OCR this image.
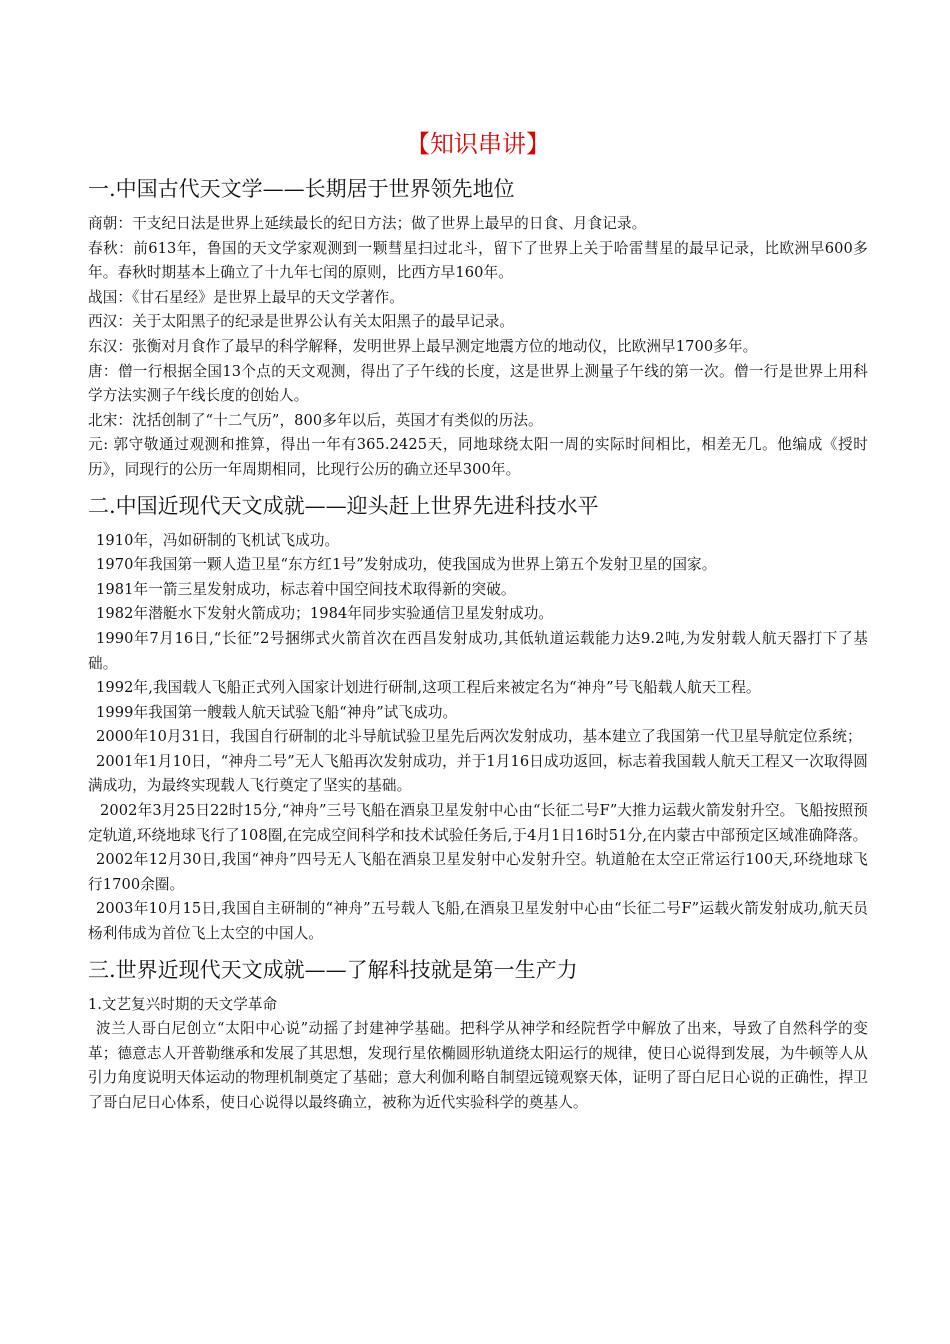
【知识串讲】
一.中国古代天文学——长期居于世界领先地位

商朝：干支纪日法是世界上延续最长的纪日方法；做了世界上最早的日食、月食记录。

春秋：前613年，鲁国的天文学家观测到一颗彗星扫过北斗，留下了世界上关于哈雷彗星的最早记录，比欧洲早600多年。春秋时期基本上确立了十九年七闰的原则，比西方早160年。

战国：《甘石星经》是世界上最早的天文学著作。

西汉：关于太阳黑子的纪录是世界公认有关太阳黑子的最早记录。

东汉：张衡对月食作了最早的科学解释，发明世界上最早测定地震方位的地动仪，比欧洲早1700多年。

唐：僧一行根据全国13个点的天文观测，得出了子午线的长度，这是世界上测量子午线的第一次。僧一行是世界上用科学方法实测子午线长度的创始人。

北宋：沈括创制了“十二气历”，800多年以后，英国才有类似的历法。

元: 郭守敬通过观测和推算，得出一年有365.2425天，同地球绕太阳一周的实际时间相比，相差无几。他编成《授时历》，同现行的公历一年周期相同，比现行公历的确立还早300年。

二.中国近现代天文成就——迎头赶上世界先进科技水平

1910年，冯如研制的飞机试飞成功。

1970年我国第一颗人造卫星“东方红1号”发射成功，使我国成为世界上第五个发射卫星的国家。

1981年一箭三星发射成功，标志着中国空间技术取得新的突破。

1982年潜艇水下发射火箭成功；1984年同步实验通信卫星发射成功。

1990年7月16日,“长征”2号捆绑式火箭首次在西昌发射成功,其低轨道运载能力达9.2吨,为发射载人航天器打下了基础。

1992年,我国载人飞船正式列入国家计划进行研制,这项工程后来被定名为“神舟”号飞船载人航天工程。

1999年我国第一艘载人航天试验飞船“神舟”试飞成功。

2000年10月31日，我国自行研制的北斗导航试验卫星先后两次发射成功，基本建立了我国第一代卫星导航定位系统；

2001年1月10日，“神舟二号”无人飞船再次发射成功，并于1月16日成功返回，标志着我国载人航天工程又一次取得圆满成功，为最终实现载人飞行奠定了坚实的基础。

2002年3月25日22时15分,“神舟”三号飞船在酒泉卫星发射中心由“长征二号F”大推力运载火箭发射升空。飞船按照预定轨道,环绕地球飞行了108圈,在完成空间科学和技术试验任务后,于4月1日16时51分,在内蒙古中部预定区域准确降落。

2002年12月30日,我国“神舟”四号无人飞船在酒泉卫星发射中心发射升空。轨道舱在太空正常运行100天,环绕地球飞行1700余圈。

2003年10月15日,我国自主研制的“神舟”五号载人飞船,在酒泉卫星发射中心由“长征二号F”运载火箭发射成功,航天员杨利伟成为首位飞上太空的中国人。

三.世界近现代天文成就——了解科技就是第一生产力

1.文艺复兴时期的天文学革命

波兰人哥白尼创立“太阳中心说”动摇了封建神学基础。把科学从神学和经院哲学中解放了出来，导致了自然科学的变革；德意志人开普勒继承和发展了其思想，发现行星依椭圆形轨道绕太阳运行的规律，使日心说得到发展，为牛顿等人从引力角度说明天体运动的物理机制奠定了基础；意大利伽利略自制望远镜观察天体，证明了哥白尼日心说的正确性，捍卫了哥白尼日心体系，使日心说得以最终确立，被称为近代实验科学的奠基人。
